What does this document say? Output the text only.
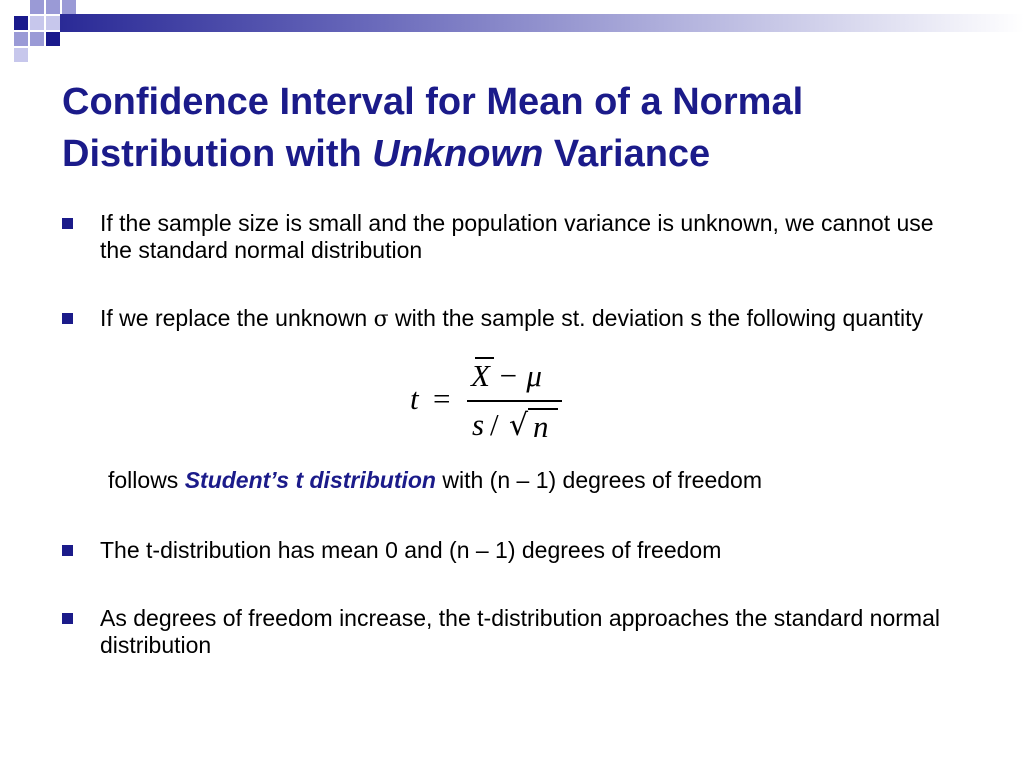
Confidence Interval for Mean of a Normal
Distribution with Unknown Variance
If the sample size is small and the population variance is unknown, we cannot use the standard normal distribution
If we replace the unknown σ with the sample st. deviation s the following quantity
The t-distribution has mean 0 and (n – 1) degrees of freedom
As degrees of freedom increase, the t-distribution approaches the standard normal distribution
t =
X − μ
s / √ n
follows Student’s t distribution with (n – 1) degrees of freedom
